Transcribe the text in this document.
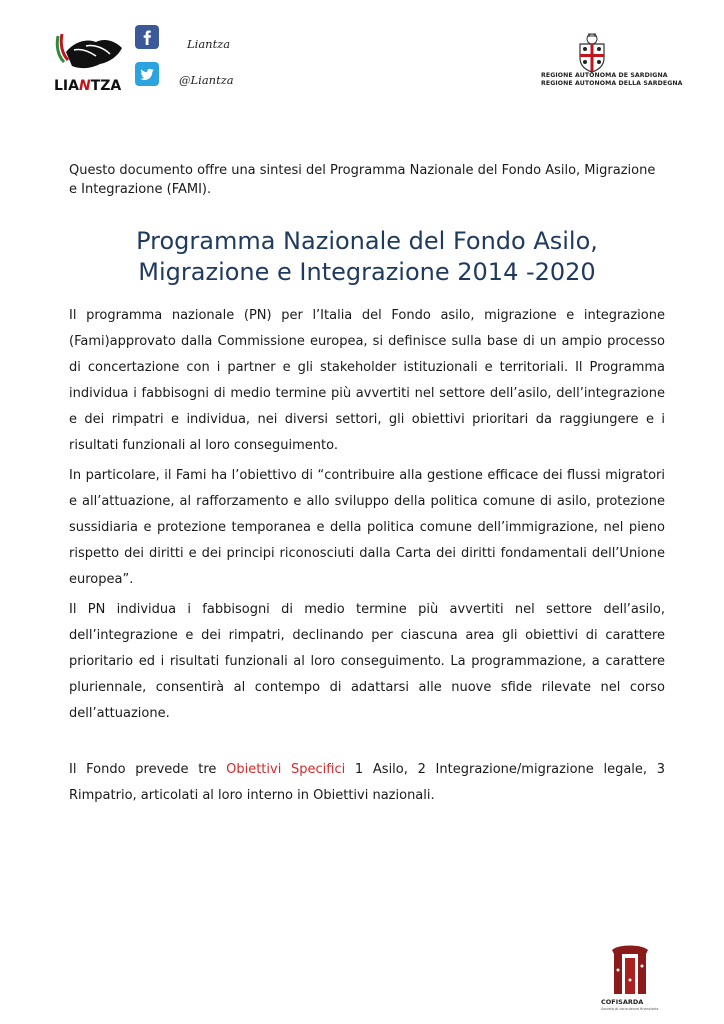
LIANTZA
Liantza
@Liantza	REGIONE AUTÒNOMA DE SARDIGNA
REGIONE AUTONOMA DELLA SARDEGNA
Questo documento offre una sintesi del Programma Nazionale del Fondo Asilo, Migrazione e Integrazione (FAMI).
Programma Nazionale del Fondo Asilo,
Migrazione e Integrazione 2014 -2020
Il programma nazionale (PN) per l’Italia del Fondo asilo, migrazione e integrazione (Fami)approvato dalla Commissione europea, si definisce sulla base di un ampio processo di concertazione con i partner e gli stakeholder istituzionali e territoriali. Il Programma individua i fabbisogni di medio termine più avvertiti nel settore dell’asilo, dell’integrazione e dei rimpatri e individua, nei diversi settori, gli obiettivi prioritari da raggiungere e i risultati funzionali al loro conseguimento.
In particolare, il Fami ha l’obiettivo di “contribuire alla gestione efficace dei flussi migratori e all’attuazione, al rafforzamento e allo sviluppo della politica comune di asilo, protezione sussidiaria e protezione temporanea e della politica comune dell’immigrazione, nel pieno rispetto dei diritti e dei principi riconosciuti dalla Carta dei diritti fondamentali dell’Unione europea”.
Il PN individua i fabbisogni di medio termine più avvertiti nel settore dell’asilo, dell’integrazione e dei rimpatri, declinando per ciascuna area gli obiettivi di carattere prioritario ed i risultati funzionali al loro conseguimento. La programmazione, a carattere pluriennale, consentirà al contempo di adattarsi alle nuove sfide rilevate nel corso dell’attuazione.
Il Fondo prevede tre Obiettivi Specifici 1 Asilo, 2 Integrazione/migrazione legale, 3 Rimpatrio, articolati al loro interno in Obiettivi nazionali.
COFISARDA
Società di consulenza finanziaria
